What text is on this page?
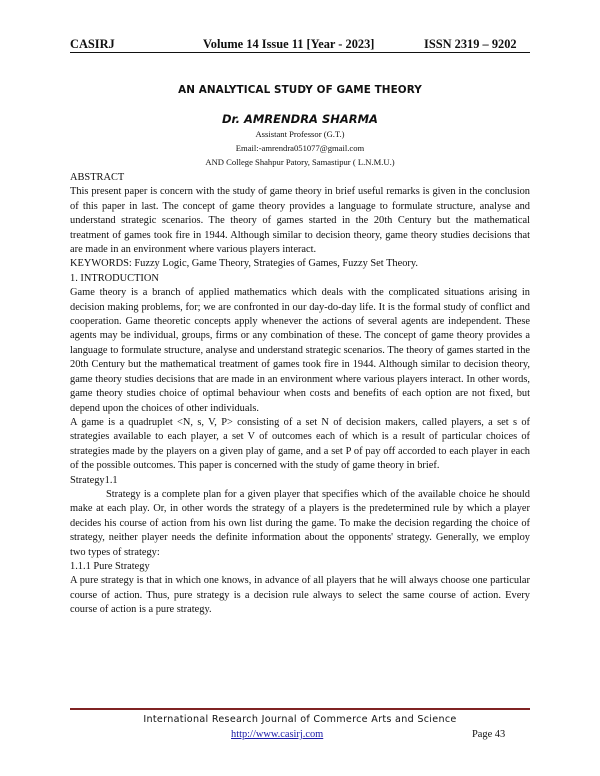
CASIRJ	Volume 14 Issue 11 [Year - 2023]	ISSN 2319 – 9202
AN ANALYTICAL STUDY OF GAME THEORY
Dr. AMRENDRA SHARMA
Assistant Professor (G.T.)
Email:-amrendra051077@gmail.com
AND College Shahpur Patory, Samastipur ( L.N.M.U.)

ABSTRACT

This present paper is concern with the study of game theory in brief useful remarks is given in the conclusion of this paper in last. The concept of game theory provides a language to formulate structure, analyse and understand strategic scenarios. The theory of games started in the 20th Century but the mathematical treatment of games took fire in 1944. Although similar to decision theory, game theory studies decisions that are made in an environment where various players interact.

KEYWORDS: Fuzzy Logic, Game Theory, Strategies of Games, Fuzzy Set Theory.

1. INTRODUCTION

Game theory is a branch of applied mathematics which deals with the complicated situations arising in decision making problems, for; we are confronted in our day-do-day life. It is the formal study of conflict and cooperation. Game theoretic concepts apply whenever the actions of several agents are independent. These agents may be individual, groups, firms or any combination of these. The concept of game theory provides a language to formulate structure, analyse and understand strategic scenarios. The theory of games started in the 20th Century but the mathematical treatment of games took fire in 1944. Although similar to decision theory, game theory studies decisions that are made in an environment where various players interact. In other words, game theory studies choice of optimal behaviour when costs and benefits of each option are not fixed, but depend upon the choices of other individuals.

A game is a quadruplet <N, s, V, P> consisting of a set N of decision makers, called players, a set s of strategies available to each player, a set V of outcomes each of which is a result of particular choices of strategies made by the players on a given play of game, and a set P of pay off accorded to each player in each of the possible outcomes. This paper is concerned with the study of game theory in brief.

Strategy1.1

Strategy is a complete plan for a given player that specifies which of the available choice he should make at each play. Or, in other words the strategy of a players is the predetermined rule by which a player decides his course of action from his own list during the game. To make the decision regarding the choice of strategy, neither player needs the definite information about the opponents' strategy. Generally, we employ two types of strategy:

1.1.1 Pure Strategy

A pure strategy is that in which one knows, in advance of all players that he will always choose one particular course of action. Thus, pure strategy is a decision rule always to select the same course of action. Every course of action is a pure strategy.

International Research Journal of Commerce Arts and Science
http://www.casirj.com	Page 43
